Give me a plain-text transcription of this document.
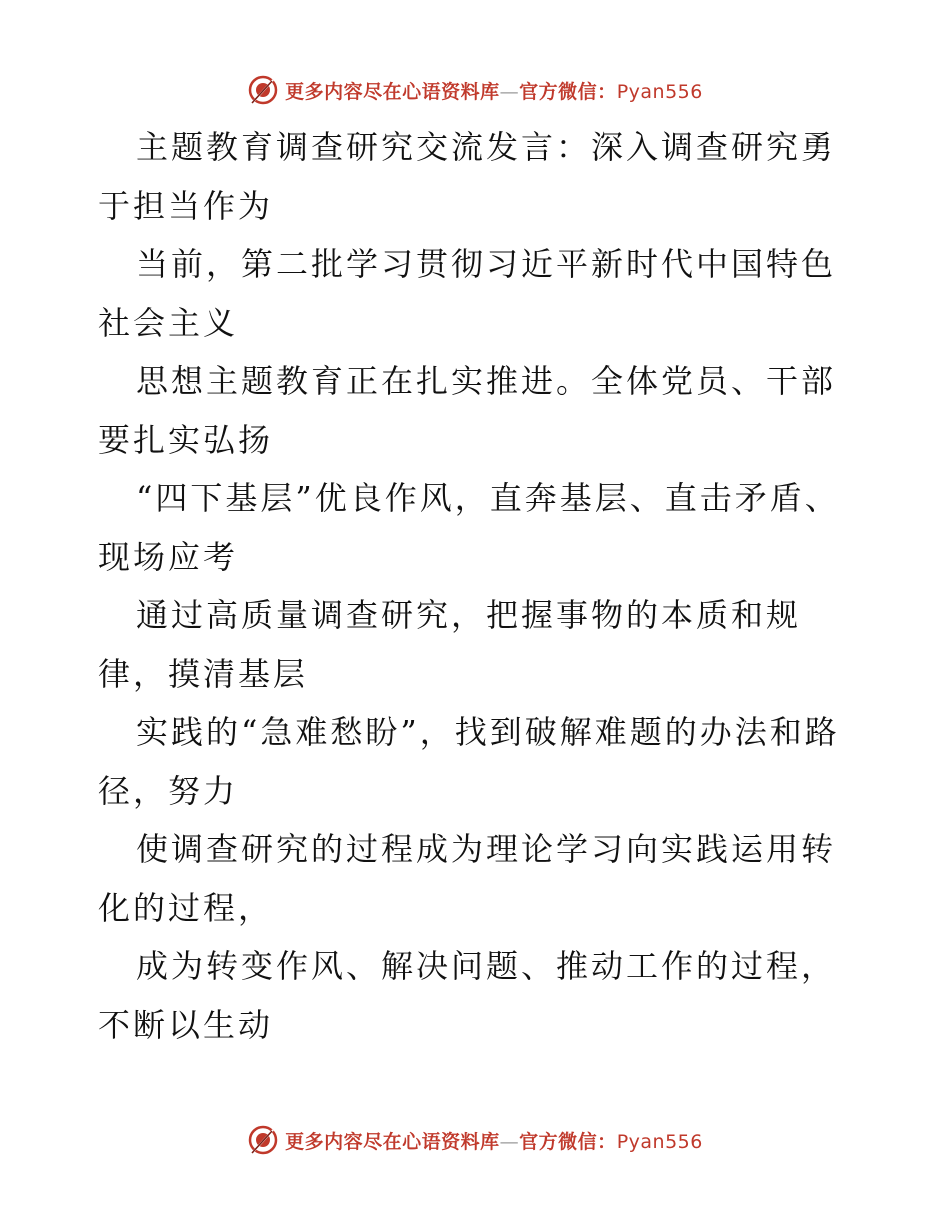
更多内容尽在心语资料库—官方微信：Pyan556

主题教育调查研究交流发言：深入调查研究勇于担当作为

当前，第二批学习贯彻习近平新时代中国特色社会主义

思想主题教育正在扎实推进。全体党员、干部要扎实弘扬

“四下基层”优良作风，直奔基层、直击矛盾、现场应考

通过高质量调查研究，把握事物的本质和规律，摸清基层

实践的“急难愁盼”，找到破解难题的办法和路径，努力

使调查研究的过程成为理论学习向实践运用转化的过程，

成为转变作风、解决问题、推动工作的过程，不断以生动

更多内容尽在心语资料库—官方微信：Pyan556
